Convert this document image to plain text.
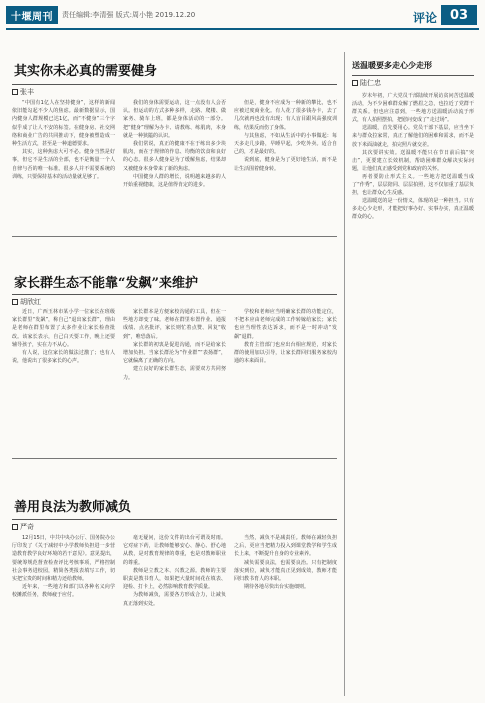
十堰周刊	责任编辑:李清强 版式:周小艳 2019.12.20	评论 03
其实你未必真的需要健身
张丰

“中国有1亿人在坚持健身”，这样的新闻依旧能勾起不少人的焦虑。最新数据显示，国内健身人群规模已达1亿，而“不健身”三个字似乎成了让人不安的标签。在健身房、社交网络和商业广告的共同推动下，健身被塑造成一种生活方式，甚至是一种道德要求。

其实，这种焦虑大可不必。健身当然是好事，但它不是生活的全部，也不是衡量一个人自律与否的唯一标准。很多人并不需要系统的训练，只要保持基本的活动量就足够了。

我们的身体需要运动，这一点没有人会否认。但运动的方式多种多样，走路、爬楼、做家务、骑车上班，都是身体活动的一部分。把“健身”理解为办卡、请教练、练肌肉，本身就是一种狭隘的认识。

我们常说，真正的健康不在于练出多少块肌肉，而在于规律的作息、均衡的饮食和良好的心态。很多人健身是为了缓解焦虑，结果却又被健身本身带来了新的焦虑。

中国健身人群的增长，说明越来越多的人开始重视健康，这是值得肯定的进步。

但是，健身不应成为一种新的攀比，也不应被过度商业化。有人花了很多钱办卡，去了几次就再也没有出现；有人盲目跟风高强度训练，结果反而伤了身体。

与其焦虑，不如从生活中的小事做起：每天多走几步路，早睡早起，少吃外卖。适合自己的，才是最好的。

说到底，健身是为了更好地生活，而不是让生活围着健身转。

家长群生态不能靠“发飙”来维护
胡欣红

近日，广西玉林市某小学一位家长在班级家长群里“发飙”，称自己“退出家长群”，理由是老师在群里布置了太多作业让家长检查批改。该家长表示，自己白天要工作，晚上还要辅导孩子，实在力不从心。

有人说，这位家长的做法过激了；也有人说，他说出了很多家长的心声。

家长群本是方便家校沟通的工具，但在一些地方却变了味。老师在群里布置作业、通报成绩、点名批评，家长则忙着点赞、回复“收到”，唯恐落后。

家长群的初衷是促进沟通，而不是给家长增加负担。当家长群沦为“作业群”“表扬群”，它就偏离了正确的方向。

建立良好的家长群生态，需要双方共同努力。

学校和老师应当明确家长群的功能定位，不把本应由老师完成的工作转嫁给家长；家长也应当理性表达诉求，而不是一时冲动“发飙”退群。

教育主管部门也应出台相应规范，对家长群的使用加以引导，让家长群回归服务家校沟通的本来面目。

善用良法为教师减负
严奇

12月15日，中共中央办公厅、国务院办公厅印发了《关于减轻中小学教师负担进一步营造教育教学良好环境的若干意见》。意见提出，要统筹规范督查检查评比考核事项，严格控制社会事务进校园，精简各类报表填写工作，切实把宝贵的时间和精力还给教师。

近年来，一些地方和部门以各种名义向学校摊派任务，教师疲于应付。

毫无疑问，这份文件的出台可谓及时雨。它对症下药，让教师能够安心、静心、舒心地从教，是对教育规律的尊重，也是对教师职业的尊重。

教师是立教之本、兴教之源。教师的主要职责是教书育人，如果把大量时间花在填表、迎检、打卡上，必然影响教育教学质量。

为教师减负，需要各方形成合力，让减负真正落到实处。

当然，减负不是减责任。教师在减轻负担之后，更应当把精力投入到课堂教学和学生成长上来，不断提升自身的专业素养。

减负需要良法，也需要良治。只有把制度落实到位，减负才能真正见到成效，教师才能回归教书育人的本职。

期待各地尽快出台实施细则。

送温暖要多走心少走形
陆仁忠

岁末年初，广大党员干部陆续开展访贫问苦送温暖活动，为不少困难群众解了燃眉之急，也拉近了党群干群关系。但也应注意到，一些地方送温暖活动流于形式，有人拍照摆拍，把慰问变成了“走过场”。

送温暖，首先要用心。党员干部下基层，应当坐下来与群众拉家常，真正了解他们的困难和需求，而不是放下米面油就走，拍完照片就交差。

其次要讲实效。送温暖不能只在节日前后搞“突击”，更要建立长效机制，帮助困难群众解决实际问题，让他们真正感受到党和政府的关怀。

再者要防止形式主义。一些地方把送温暖当成了“作秀”，层层陪同、层层拍照，这不仅加重了基层负担，也让群众心生反感。

送温暖送的是一份情义，体现的是一种担当。只有多走心少走形，才能把好事办好、实事办实，真正温暖群众的心。
